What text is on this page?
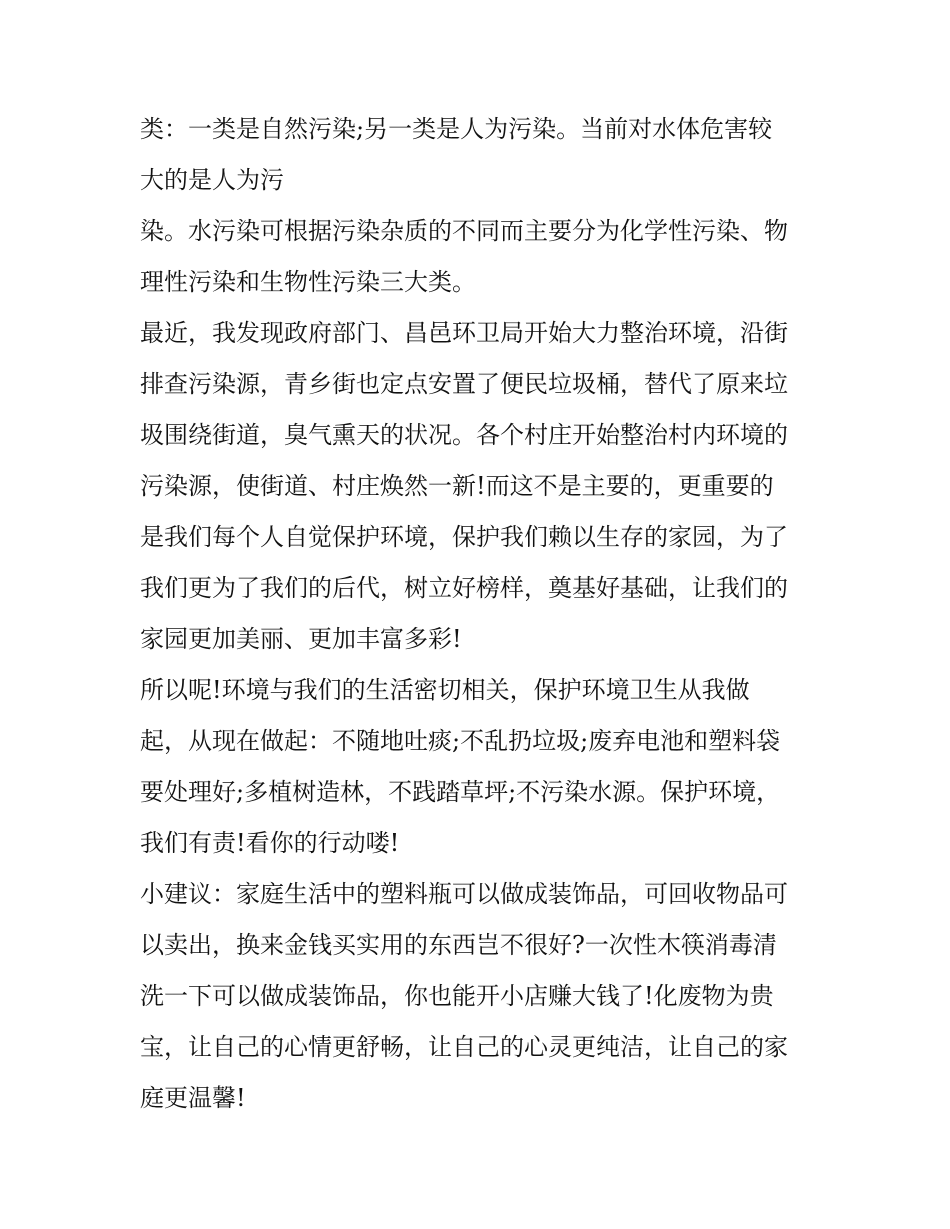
类：一类是自然污染;另一类是人为污染。当前对水体危害较
大的是人为污
染。水污染可根据污染杂质的不同而主要分为化学性污染、物
理性污染和生物性污染三大类。
最近，我发现政府部门、昌邑环卫局开始大力整治环境，沿街
排查污染源，青乡街也定点安置了便民垃圾桶，替代了原来垃
圾围绕街道，臭气熏天的状况。各个村庄开始整治村内环境的
污染源，使街道、村庄焕然一新!而这不是主要的，更重要的
是我们每个人自觉保护环境，保护我们赖以生存的家园，为了
我们更为了我们的后代，树立好榜样，奠基好基础，让我们的
家园更加美丽、更加丰富多彩!
所以呢!环境与我们的生活密切相关，保护环境卫生从我做
起，从现在做起：不随地吐痰;不乱扔垃圾;废弃电池和塑料袋
要处理好;多植树造林，不践踏草坪;不污染水源。保护环境，
我们有责!看你的行动喽!
小建议：家庭生活中的塑料瓶可以做成装饰品，可回收物品可
以卖出，换来金钱买实用的东西岂不很好?一次性木筷消毒清
洗一下可以做成装饰品，你也能开小店赚大钱了!化废物为贵
宝，让自己的心情更舒畅，让自己的心灵更纯洁，让自己的家
庭更温馨!
